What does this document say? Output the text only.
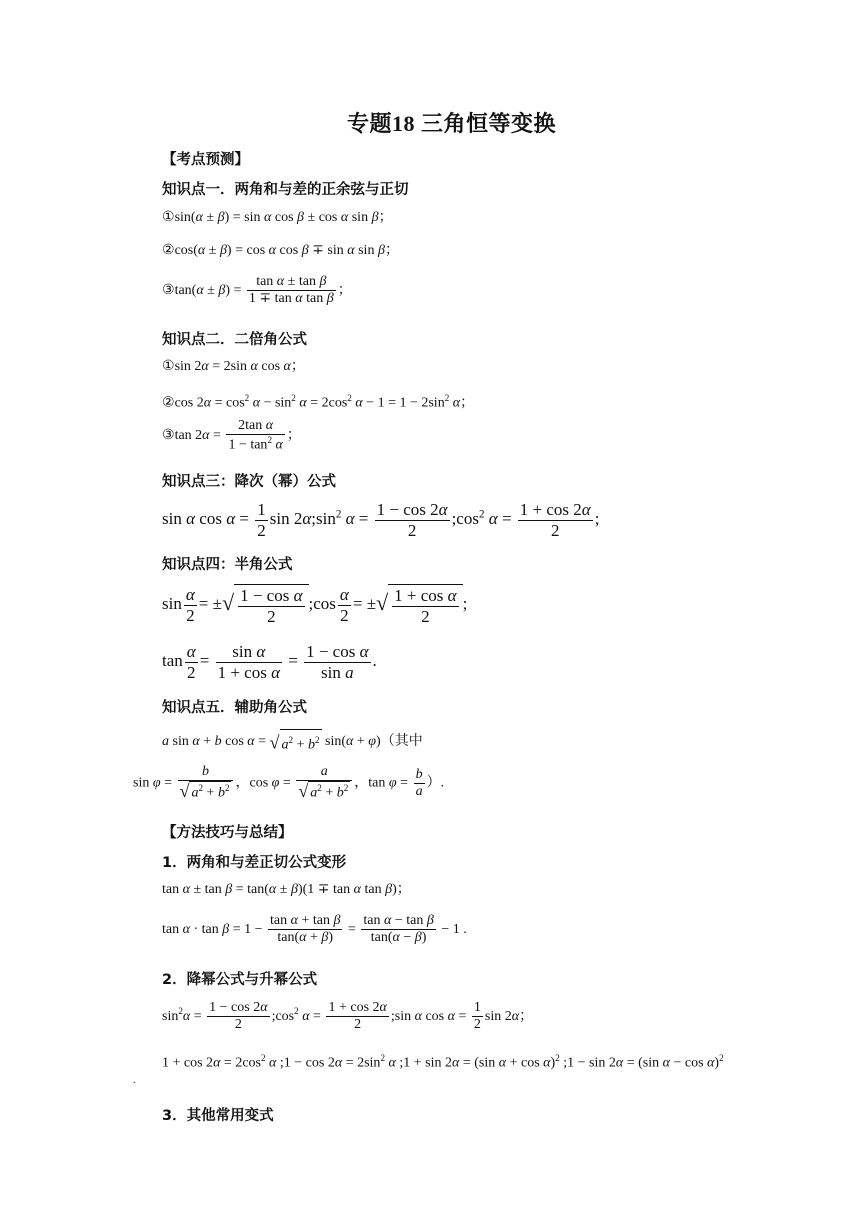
专题18 三角恒等变换
【考点预测】
知识点一．两角和与差的正余弦与正切
①sin(α ± β) = sin α cos β ± cos α sin β；
②cos(α ± β) = cos α cos β ∓ sin α sin β；
③tan(α ± $\beta) = \frac{\text{tan α ± tan β}}{\text{1 ∓ tan α tan β}}$ ；
知识点二．二倍角公式
①sin 2α = 2sin α cos α；
②cos $2\alpha = \cos^2 \alpha - \sin^2 \alpha = 2\cos^2$ $\alpha - 1 = 1 - 2\sin^2$ α；
③tan $2\alpha = \frac{\text{2tan α}}{1 - \tan^2 \alpha}$ ；
知识点三：降次（幂）公式
sin α $\cos \alpha = \frac{1}{2}$ $\sin 2\alpha;\sin^2$ $\alpha = \frac{1 - \cos 2\alpha}{2}$ $;\cos^2$ $\alpha = \frac{1 + \cos 2\alpha}{2}$ ;
知识点四：半角公式
$\sin \frac{\alpha}{2}$ = ±√ $\frac{\text{1 − cos α}}{2}$ ;cos $\frac{\alpha}{2}$ = ±√ $\frac{\text{1 + cos α}}{2}$ ;
$\tan \frac{\alpha}{2} = \frac{\text{sin α}}{\text{1 + cos α}} = \frac{\text{1 − cos α}}{\text{sin a}}$ .
知识点五．辅助角公式
a sin α + b cos α = √ $a^2 + b^2$ sin(α + φ)（其中
$\sin \varphi = \frac{b}{√ a^2 + b^2}$ ，$\cos \varphi = \frac{a}{√ a^2 + b^2}$ ，$\tan \varphi = \frac{b}{a}$ ）.
【方法技巧与总结】
1．两角和与差正切公式变形
tan α ± tan β = tan(α ± β)(1 ∓ tan α tan β)；
$\tan \alpha \cdot \tan \beta = 1 - \frac{\text{tan α + tan β}}{\tan(\alpha + \beta)} = \frac{\text{tan α − tan β}}{\tan(\alpha - \beta)} - 1$ .
2．降幂公式与升幂公式
$\sin^2\alpha = \frac{1 - \cos 2\alpha}{2}$ $;\cos^2$ $\alpha = \frac{1 + \cos 2\alpha}{2}$ ;sin α $\cos \alpha = \frac{1}{2}$ sin 2α；
$1 + \cos 2\alpha = 2\cos^2$ α ;1 − $\cos 2\alpha = 2\sin^2$ α ;1 + sin 2α = (sin α + cos α)$^2$ ;1 − sin 2α = (sin α − cos α)$^2$
.
3．其他常用变式
